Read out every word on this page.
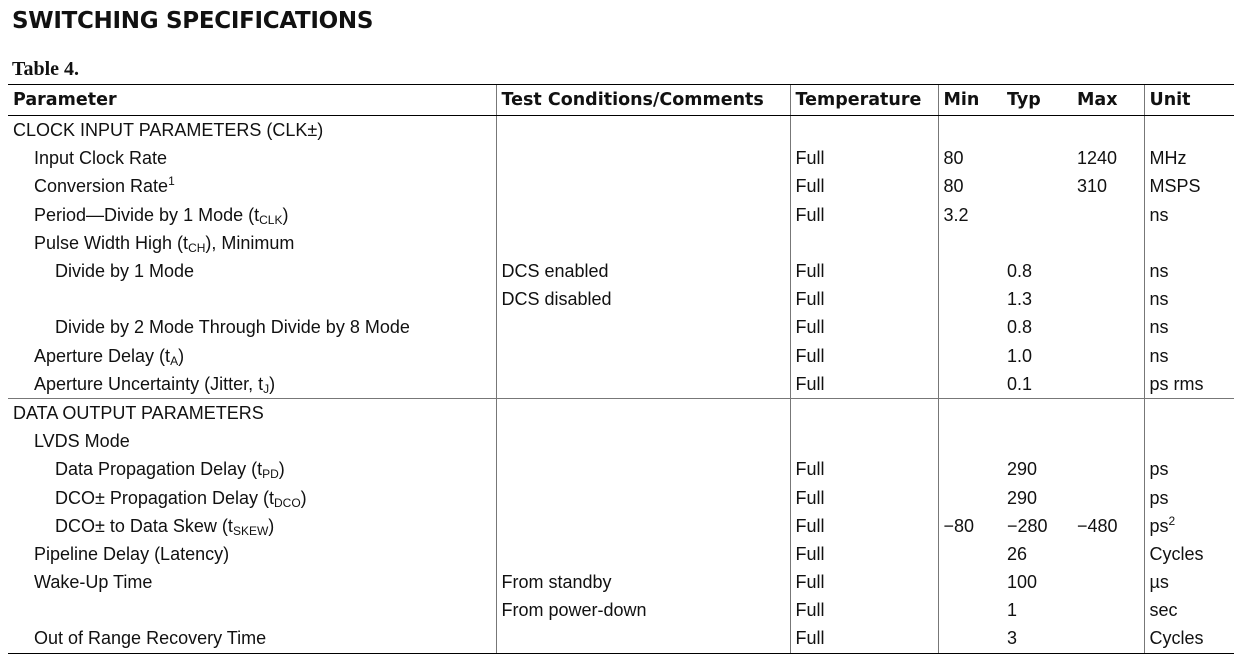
SWITCHING SPECIFICATIONS
Table 4.
Parameter	Test Conditions/Comments	Temperature	Min	Typ	Max	Unit
CLOCK INPUT PARAMETERS (CLK±)						
Input Clock Rate		Full	80		1240	MHz
Conversion Rate$^1$		Full	80		310	MSPS
Period—Divide by 1 Mode $(t_{CLK})$		Full	3.2			ns
Pulse Width High $(t_{CH})$, Minimum						
Divide by 1 Mode	DCS enabled	Full		0.8		ns
	DCS disabled	Full		1.3		ns
Divide by 2 Mode Through Divide by 8 Mode		Full		0.8		ns
Aperture Delay $(t_A)$		Full		1.0		ns
Aperture Uncertainty (Jitter, $t_J$)		Full		0.1		ps rms
DATA OUTPUT PARAMETERS						
LVDS Mode						
Data Propagation Delay $(t_{PD})$		Full		290		ps
DCO± Propagation Delay $(t_{DCO})$		Full		290		ps
DCO± to Data Skew $(t_{SKEW})$		Full	−80	−280	−480	$ps^2$
Pipeline Delay (Latency)		Full		26		Cycles
Wake-Up Time	From standby	Full		100		µs
	From power-down	Full		1		sec
Out of Range Recovery Time		Full		3		Cycles
